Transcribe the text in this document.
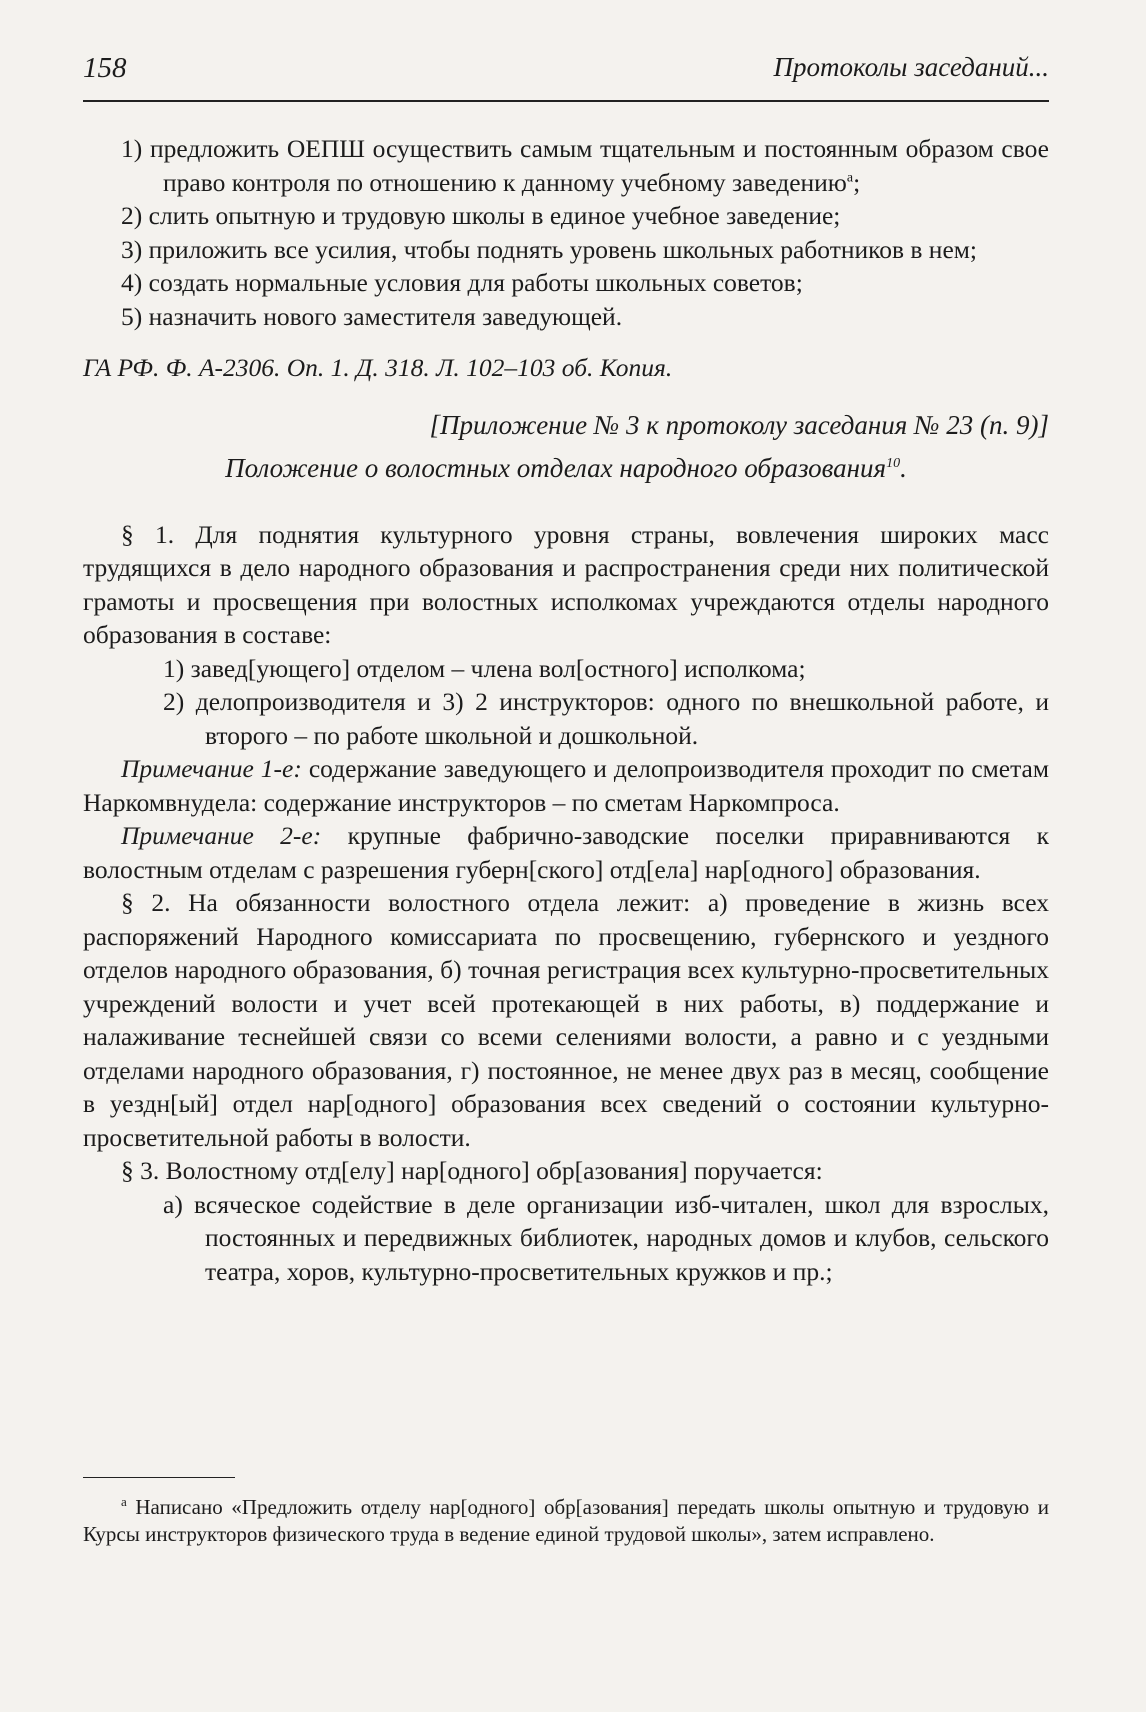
158	Протоколы заседаний...

1) предложить ОЕПШ осуществить самым тщательным и постоянным образом свое право контроля по отношению к данному учебному заведению$^а$;

2) слить опытную и трудовую школы в единое учебное заведение;

3) приложить все усилия, чтобы поднять уровень школьных работников в нем;

4) создать нормальные условия для работы школьных советов;

5) назначить нового заместителя заведующей.

ГА РФ. Ф. А-2306. Оп. 1. Д. 318. Л. 102–103 об. Копия.

[Приложение № 3 к протоколу заседания № 23 (п. 9)]

Положение о волостных отделах народного образования$^{10}$.

§ 1. Для поднятия культурного уровня страны, вовлечения широких масс трудящихся в дело народного образования и распространения среди них политической грамоты и просвещения при волостных исполкомах учреждаются отделы народного образования в составе:

1) завед[ующего] отделом – члена вол[остного] исполкома;

2) делопроизводителя и 3) 2 инструкторов: одного по внешкольной работе, и второго – по работе школьной и дошкольной.

Примечание 1-е: содержание заведующего и делопроизводителя проходит по сметам Наркомвнудела: содержание инструкторов – по сметам Наркомпроса.

Примечание 2-е: крупные фабрично-заводские поселки приравниваются к волостным отделам с разрешения губерн[ского] отд[ела] нар[одного] образования.

§ 2. На обязанности волостного отдела лежит: а) проведение в жизнь всех распоряжений Народного комиссариата по просвещению, губернского и уездного отделов народного образования, б) точная регистрация всех культурно-просветительных учреждений волости и учет всей протекающей в них работы, в) поддержание и налаживание теснейшей связи со всеми селениями волости, а равно и с уездными отделами народного образования, г) постоянное, не менее двух раз в месяц, сообщение в уездн[ый] отдел нар[одного] образования всех сведений о состоянии культурно-просветительной работы в волости.

§ 3. Волостному отд[елу] нар[одного] обр[азования] поручается:

а) всяческое содействие в деле организации изб-читален, школ для взрослых, постоянных и передвижных библиотек, народных домов и клубов, сельского театра, хоров, культурно-просветительных кружков и пр.;

$^а$ Написано «Предложить отделу нар[одного] обр[азования] передать школы опытную и трудовую и Курсы инструкторов физического труда в ведение единой трудовой школы», затем исправлено.
